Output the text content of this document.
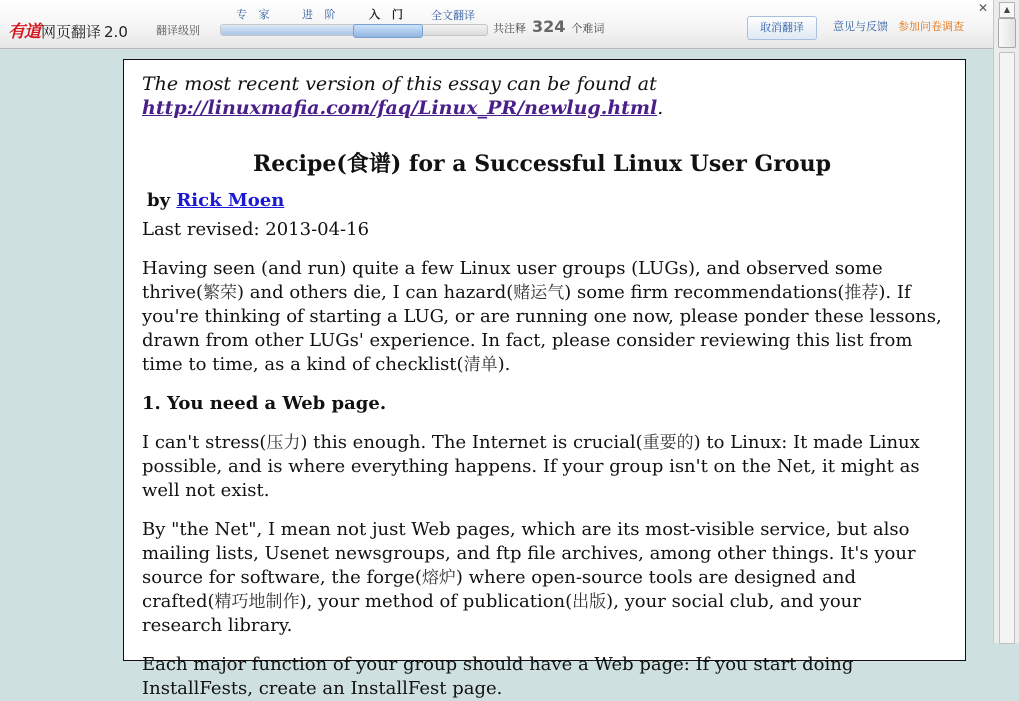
有道 网页翻译 2.0	翻译级别
专 家	进 阶	入 门 全文翻译
共注释 324 个难词	取消翻译	意见与反馈 参加问卷调查
✕	▲

The most recent version of this essay can be found at
http://linuxmafia.com/faq/Linux_PR/newlug.html.

Recipe(食谱) for a Successful Linux User Group
by Rick Moen
Last revised: 2013-04-16

Having seen (and run) quite a few Linux user groups (LUGs), and observed some thrive(繁荣) and others die, I can hazard(赌运气) some firm recommendations(推荐). If you're thinking of starting a LUG, or are running one now, please ponder these lessons, drawn from other LUGs' experience. In fact, please consider reviewing this list from time to time, as a kind of checklist(清单).

1. You need a Web page.

I can't stress(压力) this enough. The Internet is crucial(重要的) to Linux: It made Linux possible, and is where everything happens. If your group isn't on the Net, it might as well not exist.

By "the Net", I mean not just Web pages, which are its most-visible service, but also mailing lists, Usenet newsgroups, and ftp file archives, among other things. It's your source for software, the forge(熔炉) where open-source tools are designed and crafted(精巧地制作), your method of publication(出版), your social club, and your research library.

Each major function of your group should have a Web page: If you start doing InstallFests, create an InstallFest page.
